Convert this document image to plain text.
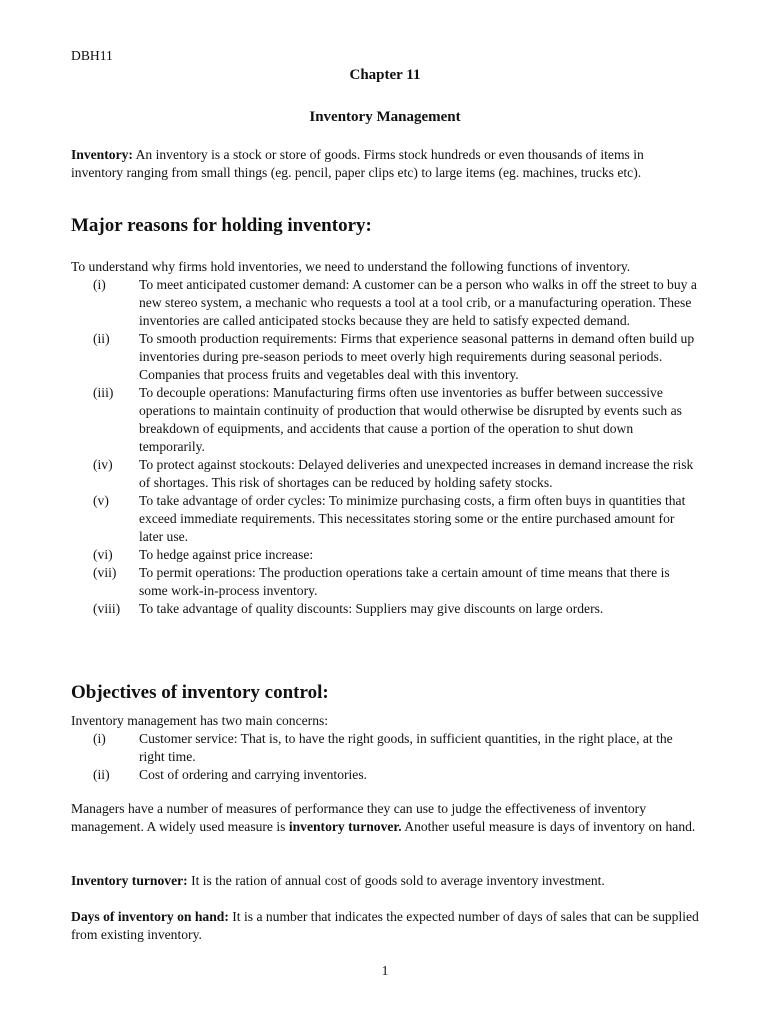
DBH11
Chapter 11
Inventory Management
Inventory: An inventory is a stock or store of goods. Firms stock hundreds or even thousands of items in inventory ranging from small things (eg. pencil, paper clips etc) to large items (eg. machines, trucks etc).
Major reasons for holding inventory:
To understand why firms hold inventories, we need to understand the following functions of inventory.
(i)	To meet anticipated customer demand: A customer can be a person who walks in off the street to buy a new stereo system, a mechanic who requests a tool at a tool crib, or a manufacturing operation. These inventories are called anticipated stocks because they are held to satisfy expected demand.
(ii)	To smooth production requirements: Firms that experience seasonal patterns in demand often build up inventories during pre-season periods to meet overly high requirements during seasonal periods. Companies that process fruits and vegetables deal with this inventory.
(iii)	To decouple operations: Manufacturing firms often use inventories as buffer between successive operations to maintain continuity of production that would otherwise be disrupted by events such as breakdown of equipments, and accidents that cause a portion of the operation to shut down temporarily.
(iv)	To protect against stockouts: Delayed deliveries and unexpected increases in demand increase the risk of shortages. This risk of shortages can be reduced by holding safety stocks.
(v)	To take advantage of order cycles: To minimize purchasing costs, a firm often buys in quantities that exceed immediate requirements. This necessitates storing some or the entire purchased amount for later use.
(vi)	To hedge against price increase:
(vii)	To permit operations: The production operations take a certain amount of time means that there is some work-in-process inventory.
(viii)	To take advantage of quality discounts: Suppliers may give discounts on large orders.
Objectives of inventory control:
Inventory management has two main concerns:
(i)	Customer service: That is, to have the right goods, in sufficient quantities, in the right place, at the right time.
(ii)	Cost of ordering and carrying inventories.
Managers have a number of measures of performance they can use to judge the effectiveness of inventory management. A widely used measure is inventory turnover. Another useful measure is days of inventory on hand.
Inventory turnover: It is the ration of annual cost of goods sold to average inventory investment.
Days of inventory on hand: It is a number that indicates the expected number of days of sales that can be supplied from existing inventory.
1
